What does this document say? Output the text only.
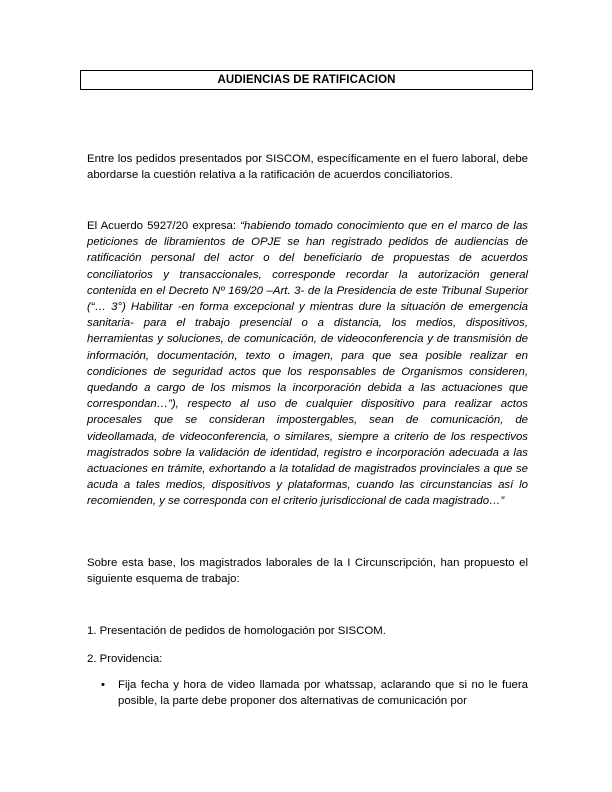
AUDIENCIAS DE RATIFICACION
Entre los pedidos presentados por SISCOM, específicamente en el fuero laboral, debe abordarse la cuestión relativa a la ratificación de acuerdos conciliatorios.
El Acuerdo 5927/20 expresa: “habiendo tomado conocimiento que en el marco de las peticiones de libramientos de OPJE se han registrado pedidos de audiencias de ratificación personal del actor o del beneficiario de propuestas de acuerdos conciliatorios y transaccionales, corresponde recordar la autorización general contenida en el Decreto Nº 169/20 –Art. 3- de la Presidencia de este Tribunal Superior (“… 3°) Habilitar -en forma excepcional y mientras dure la situación de emergencia sanitaria- para el trabajo presencial o a distancia, los medios, dispositivos, herramientas y soluciones, de comunicación, de videoconferencia y de transmisión de información, documentación, texto o imagen, para que sea posible realizar en condiciones de seguridad actos que los responsables de Organismos consideren, quedando a cargo de los mismos la incorporación debida a las actuaciones que correspondan…”), respecto al uso de cualquier dispositivo para realizar actos procesales que se consideran impostergables, sean de comunicación, de videollamada, de videoconferencia, o similares, siempre a criterio de los respectivos magistrados sobre la validación de identidad, registro e incorporación adecuada a las actuaciones en trámite, exhortando a la totalidad de magistrados provinciales a que se acuda a tales medios, dispositivos y plataformas, cuando las circunstancias así lo recomienden, y se corresponda con el criterio jurisdiccional de cada magistrado…”
Sobre esta base, los magistrados laborales de la I Circunscripción, han propuesto el siguiente esquema de trabajo:
1. Presentación de pedidos de homologación por SISCOM.
2. Providencia:
•	Fija fecha y hora de video llamada por whatssap, aclarando que si no le fuera posible, la parte debe proponer dos alternativas de comunicación por
